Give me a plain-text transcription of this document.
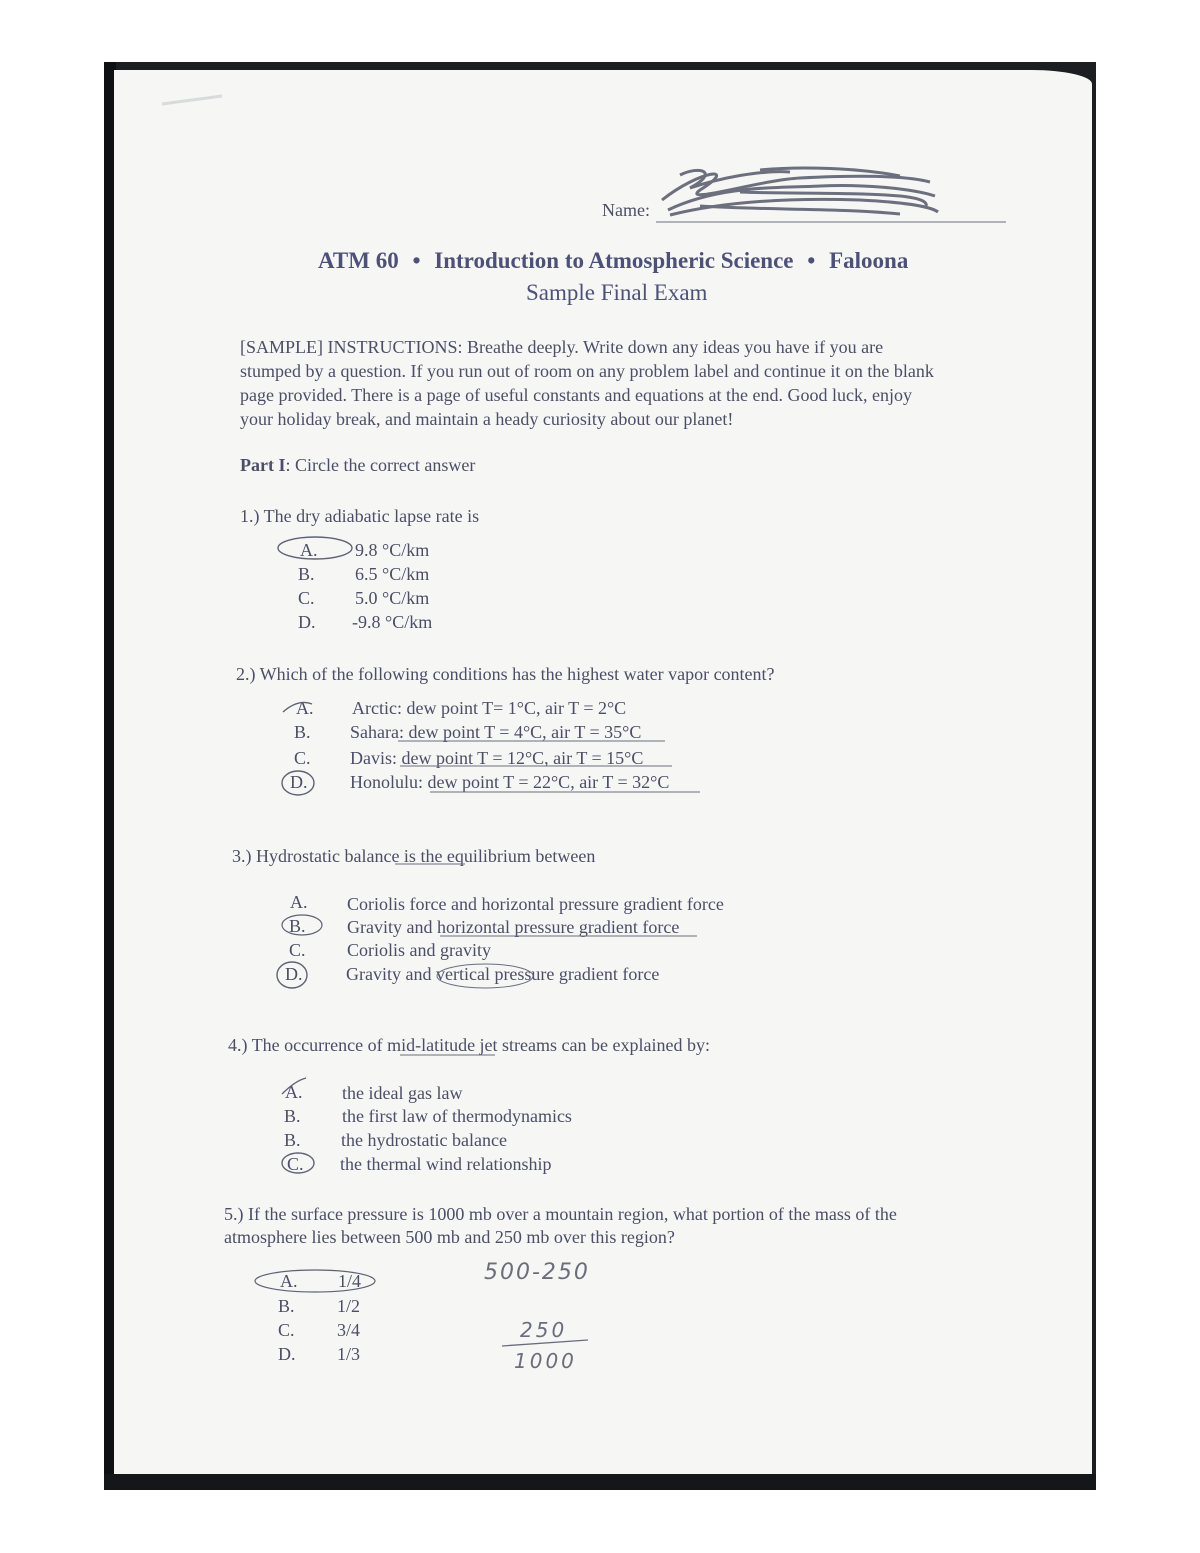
Name:
ATM 60 • Introduction to Atmospheric Science • Faloona
Sample Final Exam
[SAMPLE] INSTRUCTIONS: Breathe deeply. Write down any ideas you have if you are
stumped by a question. If you run out of room on any problem label and continue it on the blank
page provided. There is a page of useful constants and equations at the end. Good luck, enjoy
your holiday break, and maintain a heady curiosity about our planet!
Part I: Circle the correct answer
1.) The dry adiabatic lapse rate is
A. 9.8 °C/km
B. 6.5 °C/km
C. 5.0 °C/km
D. -9.8 °C/km
2.) Which of the following conditions has the highest water vapor content?
A. Arctic: dew point T= 1°C, air T = 2°C
B. Sahara: dew point T = 4°C, air T = 35°C
C. Davis: dew point T = 12°C, air T = 15°C
D. Honolulu: dew point T = 22°C, air T = 32°C
3.) Hydrostatic balance is the equilibrium between
A. Coriolis force and horizontal pressure gradient force
B. Gravity and horizontal pressure gradient force
C. Coriolis and gravity
D. Gravity and vertical pressure gradient force
4.) The occurrence of mid-latitude jet streams can be explained by:
A. the ideal gas law
B. the first law of thermodynamics
B. the hydrostatic balance
C. the thermal wind relationship
5.) If the surface pressure is 1000 mb over a mountain region, what portion of the mass of the
atmosphere lies between 500 mb and 250 mb over this region?
A. 1/4
B. 1/2
C. 3/4
D. 1/3
500-250
250
1000
